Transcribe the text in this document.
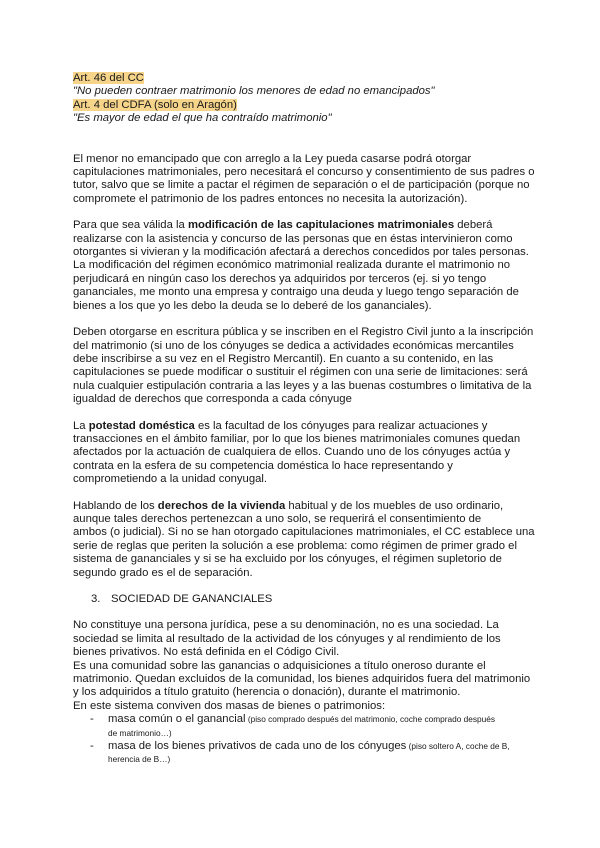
Art. 46 del CC
"No pueden contraer matrimonio los menores de edad no emancipados"
Art. 4 del CDFA (solo en Aragón)
"Es mayor de edad el que ha contraído matrimonio"
El menor no emancipado que con arreglo a la Ley pueda casarse podrá otorgar
capitulaciones matrimoniales, pero necesitará el concurso y consentimiento de sus padres o
tutor, salvo que se limite a pactar el régimen de separación o el de participación (porque no
compromete el patrimonio de los padres entonces no necesita la autorización).
Para que sea válida la modificación de las capitulaciones matrimoniales deberá
realizarse con la asistencia y concurso de las personas que en éstas intervinieron como
otorgantes si vivieran y la modificación afectará a derechos concedidos por tales personas.
La modificación del régimen económico matrimonial realizada durante el matrimonio no
perjudicará en ningún caso los derechos ya adquiridos por terceros (ej. si yo tengo
gananciales, me monto una empresa y contraigo una deuda y luego tengo separación de
bienes a los que yo les debo la deuda se lo deberé de los gananciales).
Deben otorgarse en escritura pública y se inscriben en el Registro Civil junto a la inscripción
del matrimonio (si uno de los cónyuges se dedica a actividades económicas mercantiles
debe inscribirse a su vez en el Registro Mercantil). En cuanto a su contenido, en las
capitulaciones se puede modificar o sustituir el régimen con una serie de limitaciones: será
nula cualquier estipulación contraria a las leyes y a las buenas costumbres o limitativa de la
igualdad de derechos que corresponda a cada cónyuge
La potestad doméstica es la facultad de los cónyuges para realizar actuaciones y
transacciones en el ámbito familiar, por lo que los bienes matrimoniales comunes quedan
afectados por la actuación de cualquiera de ellos. Cuando uno de los cónyuges actúa y
contrata en la esfera de su competencia doméstica lo hace representando y
comprometiendo a la unidad conyugal.
Hablando de los derechos de la vivienda habitual y de los muebles de uso ordinario,
aunque tales derechos pertenezcan a uno solo, se requerirá el consentimiento de
ambos (o judicial). Si no se han otorgado capitulaciones matrimoniales, el CC establece una
serie de reglas que periten la solución a ese problema: como régimen de primer grado el
sistema de gananciales y si se ha excluido por los cónyuges, el régimen supletorio de
segundo grado es el de separación.
3. SOCIEDAD DE GANANCIALES
No constituye una persona jurídica, pese a su denominación, no es una sociedad. La
sociedad se limita al resultado de la actividad de los cónyuges y al rendimiento de los
bienes privativos. No está definida en el Código Civil.
Es una comunidad sobre las ganancias o adquisiciones a título oneroso durante el
matrimonio. Quedan excluidos de la comunidad, los bienes adquiridos fuera del matrimonio
y los adquiridos a título gratuito (herencia o donación), durante el matrimonio.
En este sistema conviven dos masas de bienes o patrimonios:
- masa común o el ganancial (piso comprado después del matrimonio, coche comprado después
de matrimonio…)
- masa de los bienes privativos de cada uno de los cónyuges (piso soltero A, coche de B,
herencia de B…)
